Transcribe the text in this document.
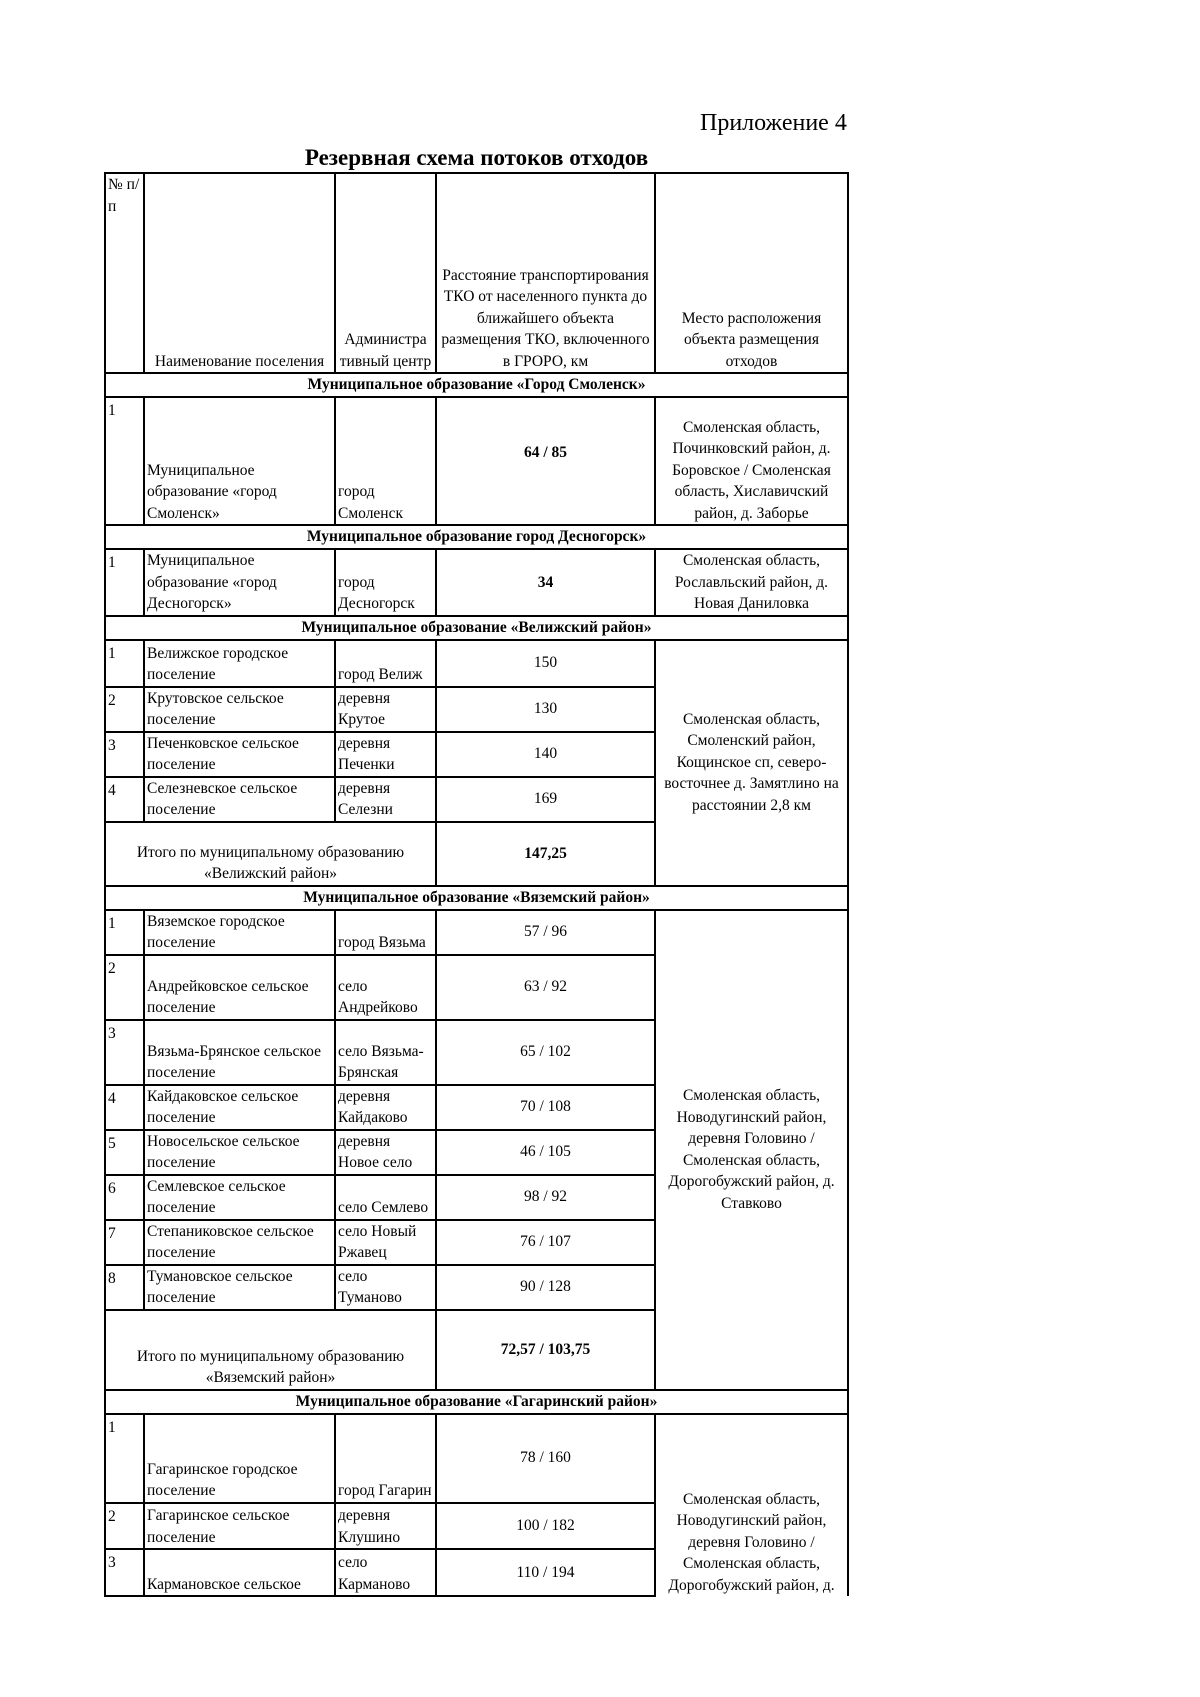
Приложение 4
Резервная схема потоков отходов
№ п/п	Наименование поселения	Администра тивный центр	Расстояние транспортирования ТКО от населенного пункта до ближайшего объекта размещения ТКО, включенного в ГРОРО, км	Место расположения объекта размещения отходов
Муниципальное образование «Город Смоленск»				
1	Муниципальное образование «город Смоленск»	город Смоленск	64 / 85	Смоленская область, Починковский район, д. Боровское / Смоленская область, Хиславичский район, д. Заборье
Муниципальное образование город Десногорск»				
1	Муниципальное образование «город Десногорск»	город Десногорск	34	Смоленская область, Рославльский район, д. Новая Даниловка
Муниципальное образование «Велижский район»				
1	Велижское городское поселение	город Велиж	150	Смоленская область, Смоленский район, Кощинское сп, северо-восточнее д. Замятлино на расстоянии 2,8 км
2	Крутовское сельское поселение	деревня Крутое	130	
3	Печенковское сельское поселение	деревня Печенки	140	
4	Селезневское сельское поселение	деревня Селезни	169	
Итого по муниципальному образованию «Велижский район»			147,25	
Муниципальное образование «Вяземский район»				
1	Вяземское городское поселение	город Вязьма	57 / 96	Смоленская область, Новодугинский район, деревня Головино / Смоленская область, Дорогобужский район, д. Ставково
2	Андрейковское сельское поселение	село Андрейково	63 / 92	
3	Вязьма-Брянское сельское поселение	село Вязьма-Брянская	65 / 102	
4	Кайдаковское сельское поселение	деревня Кайдаково	70 / 108	
5	Новосельское сельское поселение	деревня Новое село	46 / 105	
6	Семлевское сельское поселение	село Семлево	98 / 92	
7	Степаниковское сельское поселение	село Новый Ржавец	76 / 107	
8	Тумановское сельское поселение	село Туманово	90 / 128	
Итого по муниципальному образованию «Вяземский район»			72,57 / 103,75	
Муниципальное образование «Гагаринский район»				
1	Гагаринское городское поселение	город Гагарин	78 / 160	Смоленская область, Новодугинский район, деревня Головино / Смоленская область, Дорогобужский район, д.
2	Гагаринское сельское поселение	деревня Клушино	100 / 182	
3	Кармановское сельское	село Карманово	110 / 194	
